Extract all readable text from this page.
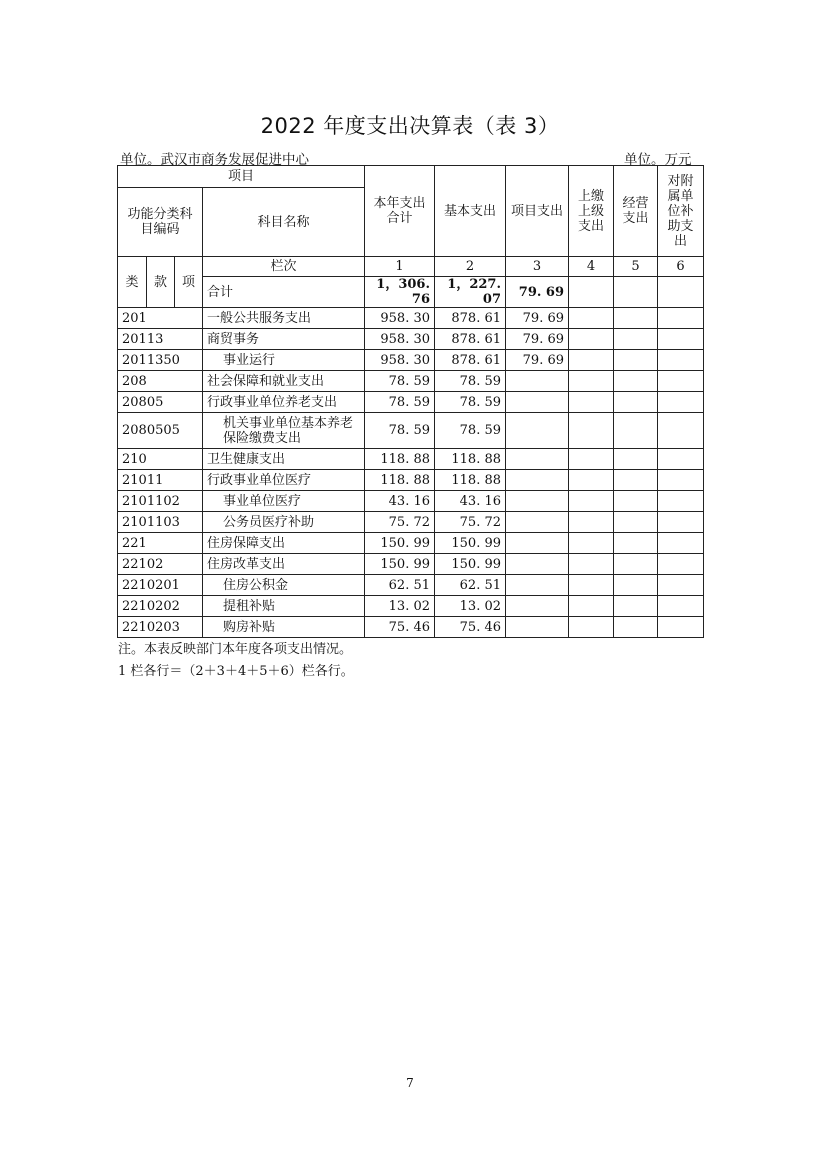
2022 年度支出决算表（表 3）
单位。武汉市商务发展促进中心	单位。万元
项目				本年支出合计	基本支出	项目支出	上缴上级支出	经营支出	对附属单位补助支出
功能分类科目编码			科目名称						
类	款	项	栏次	1	2	3	4	5	6
			合计	1，306. 76	1，227. 07	79. 69			
201			一般公共服务支出	958. 30	878. 61	79. 69			
20113			商贸事务	958. 30	878. 61	79. 69			
2011350			事业运行	958. 30	878. 61	79. 69			
208			社会保障和就业支出	78. 59	78. 59				
20805			行政事业单位养老支出	78. 59	78. 59				
2080505			机关事业单位基本养老保险缴费支出	78. 59	78. 59				
210			卫生健康支出	118. 88	118. 88				
21011			行政事业单位医疗	118. 88	118. 88				
2101102			事业单位医疗	43. 16	43. 16				
2101103			公务员医疗补助	75. 72	75. 72				
221			住房保障支出	150. 99	150. 99				
22102			住房改革支出	150. 99	150. 99				
2210201			住房公积金	62. 51	62. 51				
2210202			提租补贴	13. 02	13. 02				
2210203			购房补贴	75. 46	75. 46				
注。本表反映部门本年度各项支出情况。
1 栏各行＝（2＋3＋4＋5＋6）栏各行。
7
